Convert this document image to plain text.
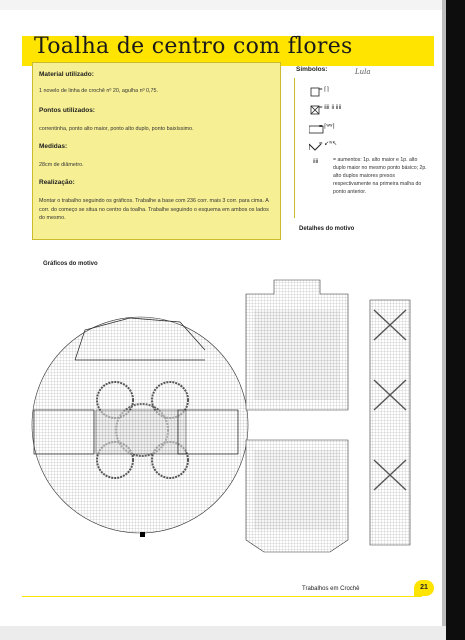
Toalha de centro com flores
Material utilizado:
1 novelo de linha de crochê nº 20, agulha nº 0,75.
Pontos utilizados:
correntinha, ponto alto maior, ponto alto duplo, ponto baixíssimo.
Medidas:
28cm de diâmetro.
Realização:
Montar o trabalho seguindo os gráficos. Trabalhe a base com 236 corr. mais 3 corr. para cima. A corr. do começo se situa no centro da toalha. Trabalhe seguindo o esquema em ambos os lados do mesmo.
Símbolos:	Lula
= ⌈⌉
= ⅱⅱ ⅱ ⅱⅱ
= ⌈ʷʷ⌉
= ↙ʷ↖
ⅱⅱ	= aumentos: 1p. alto maior e 1p. alto duplo maior no mesmo ponto básico; 2p. alto duplos maiores presos respectivamente na primeira malha do ponto anterior.
Detalhes do motivo
Gráficos do motivo
Trabalhos em Crochê	21
